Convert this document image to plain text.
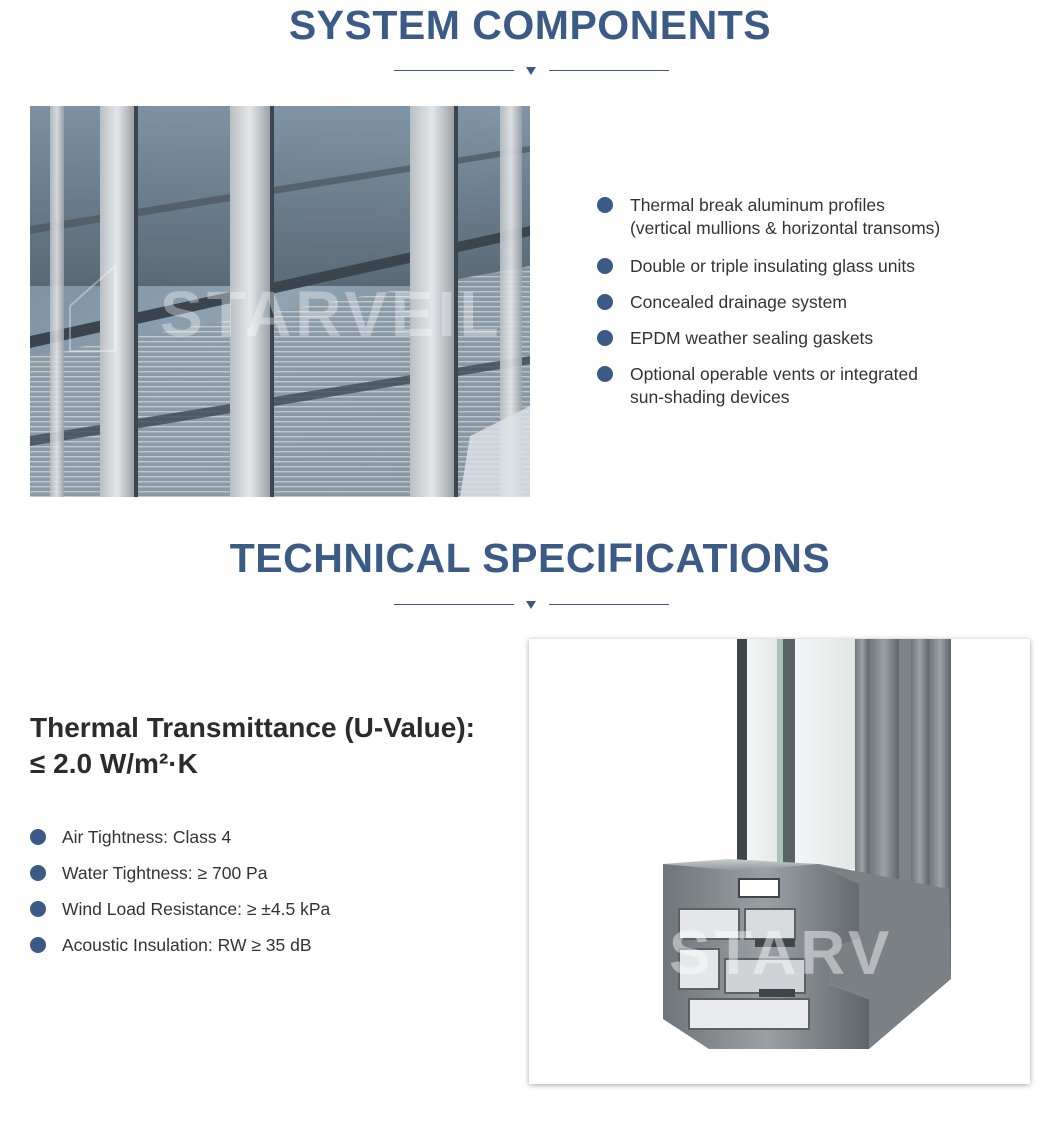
SYSTEM COMPONENTS
STARVEIL
Thermal break aluminum profiles
(vertical mullions & horizontal transoms)
Double or triple insulating glass units
Concealed drainage system
EPDM weather sealing gaskets
Optional operable vents or integrated
sun-shading devices
TECHNICAL SPECIFICATIONS
Thermal Transmittance (U-Value):
≤ 2.0 W/m²·K
Air Tightness: Class 4
Water Tightness: ≥ 700 Pa
Wind Load Resistance: ≥ ±4.5 kPa
Acoustic Insulation: RW ≥ 35 dB	STARV
